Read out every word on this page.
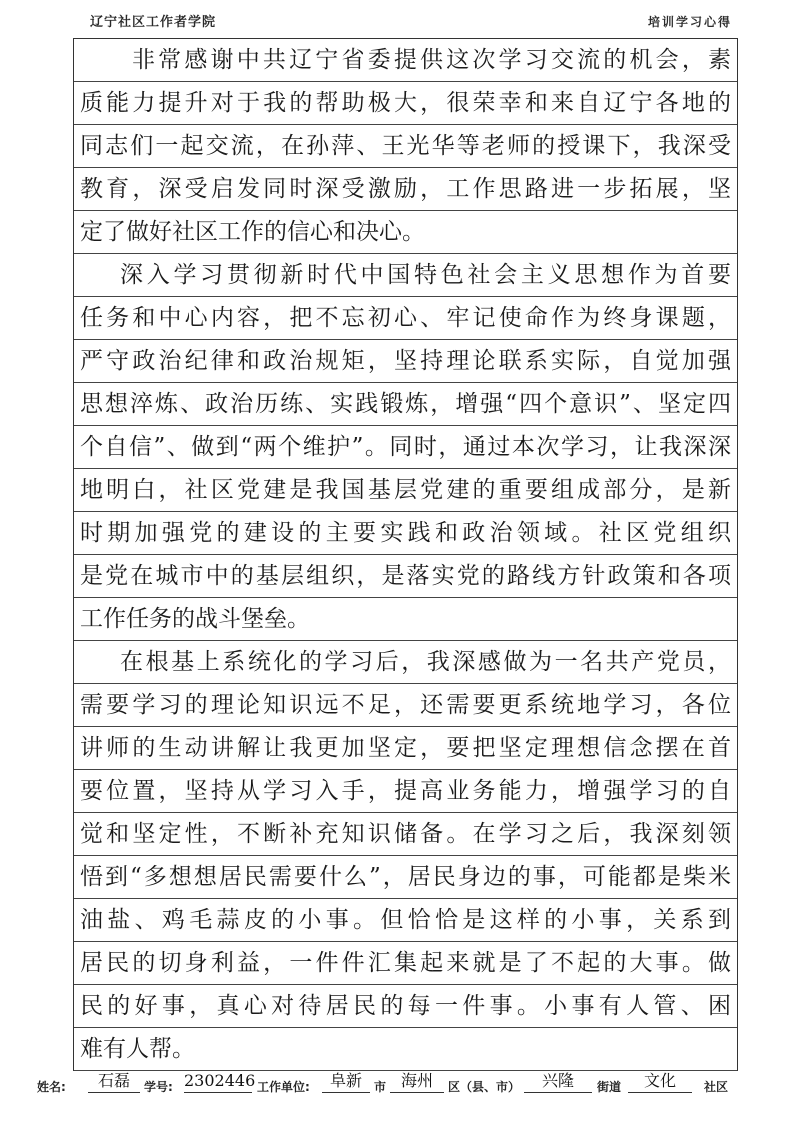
辽宁社区工作者学院	培训学习心得
非常感谢中共辽宁省委提供这次学习交流的机会，素
质能力提升对于我的帮助极大，很荣幸和来自辽宁各地的
同志们一起交流，在孙萍、王光华等老师的授课下，我深受
教育，深受启发同时深受激励，工作思路进一步拓展，坚
定了做好社区工作的信心和决心。
深入学习贯彻新时代中国特色社会主义思想作为首要
任务和中心内容，把不忘初心、牢记使命作为终身课题，
严守政治纪律和政治规矩，坚持理论联系实际，自觉加强
思想淬炼、政治历练、实践锻炼，增强“四个意识”、坚定四
个自信”、做到“两个维护”。同时，通过本次学习，让我深深
地明白，社区党建是我国基层党建的重要组成部分，是新
时期加强党的建设的主要实践和政治领域。社区党组织
是党在城市中的基层组织，是落实党的路线方针政策和各项
工作任务的战斗堡垒。
在根基上系统化的学习后，我深感做为一名共产党员，
需要学习的理论知识远不足，还需要更系统地学习，各位
讲师的生动讲解让我更加坚定，要把坚定理想信念摆在首
要位置，坚持从学习入手，提高业务能力，增强学习的自
觉和坚定性，不断补充知识储备。在学习之后，我深刻领
悟到“多想想居民需要什么”，居民身边的事，可能都是柴米
油盐、鸡毛蒜皮的小事。但恰恰是这样的小事，关系到
居民的切身利益，一件件汇集起来就是了不起的大事。做
民的好事，真心对待居民的每一件事。小事有人管、困
难有人帮。
姓名:	石磊	学号: 2302446 工作单位:	阜新	市 海州	区（县、市）	兴隆	街道	文化	社区
